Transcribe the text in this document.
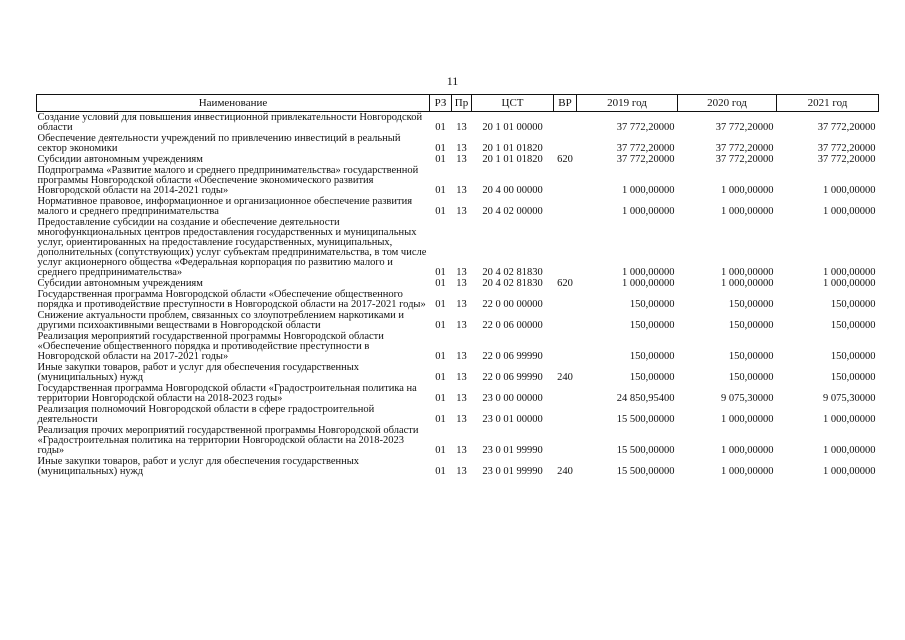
11
Наименование	РЗ	Пр	ЦСТ	ВР	2019 год	2020 год	2021 год
Создание условий для повышения инвестиционной привлекательности Новгородской области	01	13	20 1 01 00000		37 772,20000	37 772,20000	37 772,20000
Обеспечение деятельности учреждений по привлечению инвестиций в реальный сектор экономики	01	13	20 1 01 01820		37 772,20000	37 772,20000	37 772,20000
Субсидии автономным учреждениям	01	13	20 1 01 01820	620	37 772,20000	37 772,20000	37 772,20000
Подпрограмма «Развитие малого и среднего предпринимательства» государственной программы Новгородской области «Обеспечение экономического развития Новгородской области на 2014-2021 годы»	01	13	20 4 00 00000		1 000,00000	1 000,00000	1 000,00000
Нормативное правовое, информационное и организационное обеспечение развития малого и среднего предпринимательства	01	13	20 4 02 00000		1 000,00000	1 000,00000	1 000,00000
Предоставление субсидии на создание и обеспечение деятельности многофункциональных центров предоставления государственных и муниципальных услуг, ориентированных на предоставление государственных, муниципальных, дополнительных (сопутствующих) услуг субъектам предпринимательства, в том числе услуг акционерного общества «Федеральная корпорация по развитию малого и среднего предпринимательства»	01	13	20 4 02 81830		1 000,00000	1 000,00000	1 000,00000
Субсидии автономным учреждениям	01	13	20 4 02 81830	620	1 000,00000	1 000,00000	1 000,00000
Государственная программа Новгородской области «Обеспечение общественного порядка и противодействие преступности в Новгородской области на 2017-2021 годы»	01	13	22 0 00 00000		150,00000	150,00000	150,00000
Снижение актуальности проблем, связанных со злоупотреблением наркотиками и другими психоактивными веществами в Новгородской области	01	13	22 0 06 00000		150,00000	150,00000	150,00000
Реализация мероприятий государственной программы Новгородской области «Обеспечение общественного порядка и противодействие преступности в Новгородской области на 2017-2021 годы»	01	13	22 0 06 99990		150,00000	150,00000	150,00000
Иные закупки товаров, работ и услуг для обеспечения государственных (муниципальных) нужд	01	13	22 0 06 99990	240	150,00000	150,00000	150,00000
Государственная программа Новгородской области «Градостроительная политика на территории Новгородской области на 2018-2023 годы»	01	13	23 0 00 00000		24 850,95400	9 075,30000	9 075,30000
Реализация полномочий Новгородской области в сфере градостроительной деятельности	01	13	23 0 01 00000		15 500,00000	1 000,00000	1 000,00000
Реализация прочих мероприятий государственной программы Новгородской области «Градостроительная политика на территории Новгородской области на 2018-2023 годы»	01	13	23 0 01 99990		15 500,00000	1 000,00000	1 000,00000
Иные закупки товаров, работ и услуг для обеспечения государственных (муниципальных) нужд	01	13	23 0 01 99990	240	15 500,00000	1 000,00000	1 000,00000
